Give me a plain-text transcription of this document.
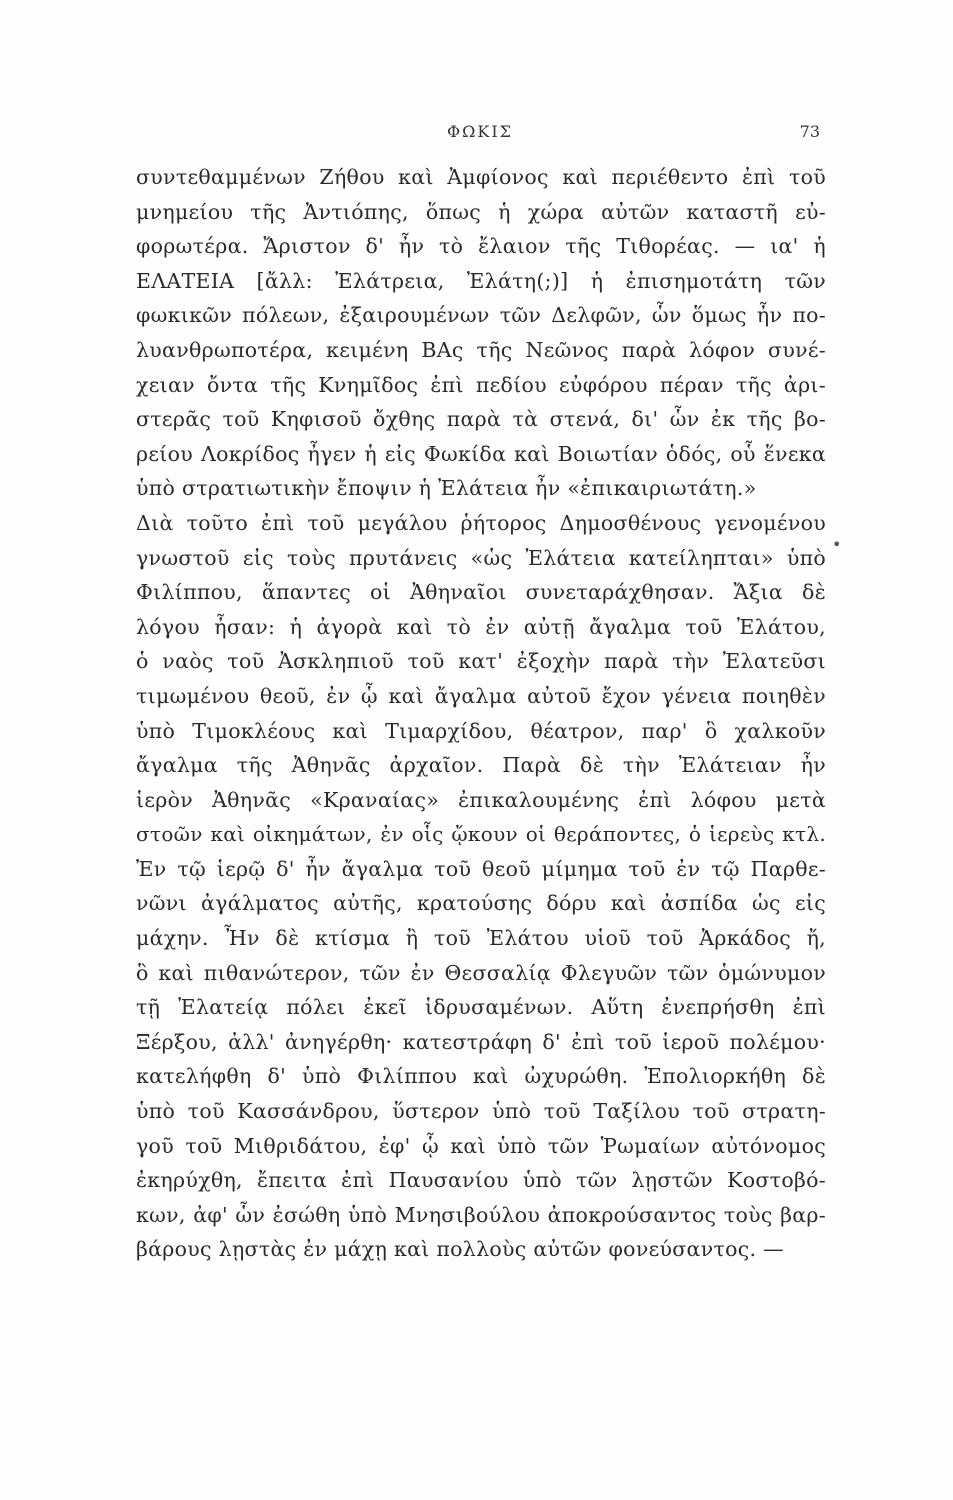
ΦΩΚΙΣ	73
συντεθαμμένων Ζήθου καὶ Ἀμφίονος καὶ περιέθεντο ἐπὶ τοῦ
μνημείου τῆς Ἀντιόπης, ὅπως ἡ χώρα αὐτῶν καταστῆ εὐ-
φορωτέρα. Ἄριστον δ' ἦν τὸ ἔλαιον τῆς Τιθορέας. — ια' ἡ
ΕΛΑΤΕΙΑ [ἄλλ: Ἐλάτρεια, Ἐλάτη(;)] ἡ ἐπισημοτάτη τῶν
φωκικῶν πόλεων, ἐξαιρουμένων τῶν Δελφῶν, ὧν ὅμως ἦν πο-
λυανθρωποτέρα, κειμένη ΒΑς τῆς Νεῶνος παρὰ λόφον συνέ-
χειαν ὄντα τῆς Κνημῖδος ἐπὶ πεδίου εὐφόρου πέραν τῆς ἀρι-
στερᾶς τοῦ Κηφισοῦ ὄχθης παρὰ τὰ στενά, δι' ὧν ἐκ τῆς βο-
ρείου Λοκρίδος ἦγεν ἡ εἰς Φωκίδα καὶ Βοιωτίαν ὁδός, οὗ ἕνεκα
ὑπὸ στρατιωτικὴν ἔποψιν ἡ Ἐλάτεια ἦν «ἐπικαιριωτάτη.»
Διὰ τοῦτο ἐπὶ τοῦ μεγάλου ῥήτορος Δημοσθένους γενομένου
γνωστοῦ εἰς τοὺς πρυτάνεις «ὡς Ἐλάτεια κατείληπται» ὑπὸ
Φιλίππου, ἅπαντες οἱ Ἀθηναῖοι συνεταράχθησαν. Ἄξια δὲ
λόγου ἦσαν: ἡ ἀγορὰ καὶ τὸ ἐν αὐτῇ ἄγαλμα τοῦ Ἐλάτου,
ὁ ναὸς τοῦ Ἀσκληπιοῦ τοῦ κατ' ἐξοχὴν παρὰ τὴν Ἐλατεῦσι
τιμωμένου θεοῦ, ἐν ᾧ καὶ ἄγαλμα αὐτοῦ ἔχον γένεια ποιηθὲν
ὑπὸ Τιμοκλέους καὶ Τιμαρχίδου, θέατρον, παρ' ὃ χαλκοῦν
ἄγαλμα τῆς Ἀθηνᾶς ἀρχαῖον. Παρὰ δὲ τὴν Ἐλάτειαν ἦν
ἱερὸν Ἀθηνᾶς «Κραναίας» ἐπικαλουμένης ἐπὶ λόφου μετὰ
στοῶν καὶ οἰκημάτων, ἐν οἷς ᾤκουν οἱ θεράποντες, ὁ ἱερεὺς κτλ.
Ἐν τῷ ἱερῷ δ' ἦν ἄγαλμα τοῦ θεοῦ μίμημα τοῦ ἐν τῷ Παρθε-
νῶνι ἀγάλματος αὐτῆς, κρατούσης δόρυ καὶ ἀσπίδα ὡς εἰς
μάχην. Ἦν δὲ κτίσμα ἢ τοῦ Ἐλάτου υἱοῦ τοῦ Ἀρκάδος ἤ,
ὃ καὶ πιθανώτερον, τῶν ἐν Θεσσαλίᾳ Φλεγυῶν τῶν ὁμώνυμον
τῇ Ἐλατείᾳ πόλει ἐκεῖ ἱδρυσαμένων. Αὕτη ἐνεπρήσθη ἐπὶ
Ξέρξου, ἀλλ' ἀνηγέρθη· κατεστράφη δ' ἐπὶ τοῦ ἱεροῦ πολέμου·
κατελήφθη δ' ὑπὸ Φιλίππου καὶ ὠχυρώθη. Ἐπολιορκήθη δὲ
ὑπὸ τοῦ Κασσάνδρου, ὕστερον ὑπὸ τοῦ Ταξίλου τοῦ στρατη-
γοῦ τοῦ Μιθριδάτου, ἐφ' ᾧ καὶ ὑπὸ τῶν Ῥωμαίων αὐτόνομος
ἐκηρύχθη, ἔπειτα ἐπὶ Παυσανίου ὑπὸ τῶν λῃστῶν Κοστοβό-
κων, ἀφ' ὧν ἐσώθη ὑπὸ Μνησιβούλου ἀποκρούσαντος τοὺς βαρ-
βάρους λῃστὰς ἐν μάχῃ καὶ πολλοὺς αὐτῶν φονεύσαντος. —
•
